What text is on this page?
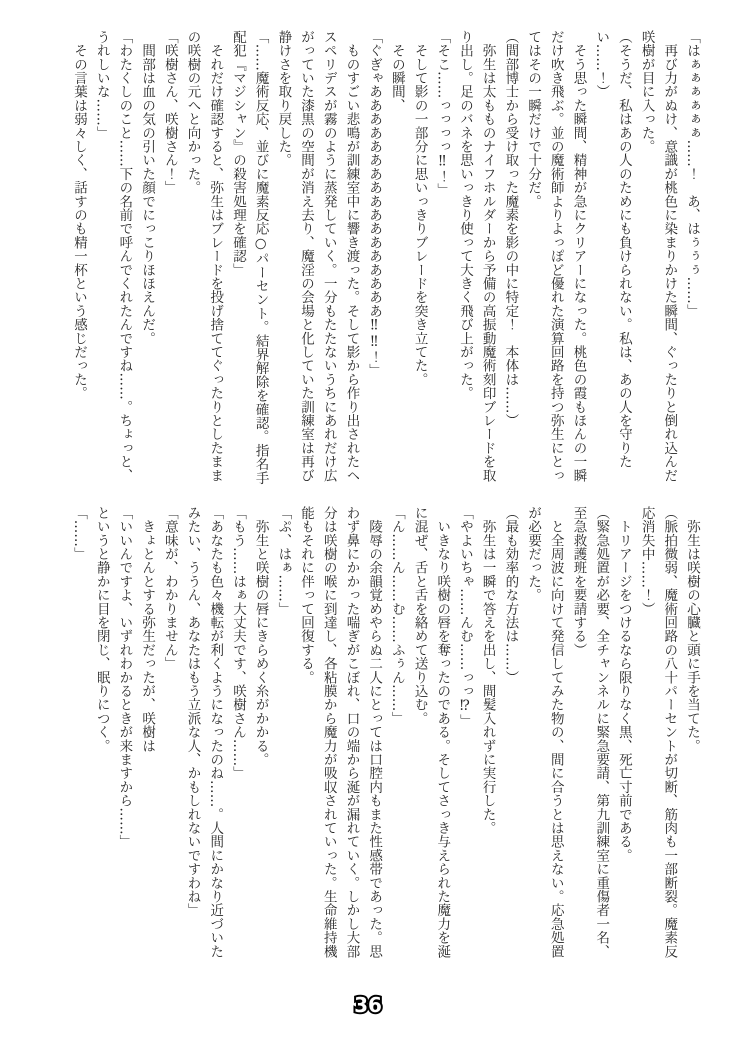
「はぁぁぁぁぁぁ……！　あ、はぅぅぅ……」

　再び力がぬけ、意識が桃色に染まりかけた瞬間、ぐったりと倒れ込んだ咲樹が目に入った。

（そうだ、私はあの人のためにも負けられない。私は、あの人を守りたい……！）

　そう思った瞬間、精神が急にクリアーになった。桃色の霞もほんの一瞬だけ吹き飛ぶ。並の魔術師よりよっぽど優れた演算回路を持つ弥生にとってはその一瞬だけで十分だ。

（間部博士から受け取った魔素を影の中に特定！　本体は……）

　弥生は太もものナイフホルダーから予備の高振動魔術刻印ブレードを取り出し。足のバネを思いっきり使って大きく飛び上がった。

「そこ……っっっっ‼！」

　そして影の一部分に思いっきりブレードを突き立てた。

　その瞬間、

「ぐぎゃあああああああああああああああああ‼‼！」

　ものすごい悲鳴が訓練室中に響き渡った。そして影から作り出されたヘスペリデスが霧のように蒸発していく。一分もたたないうちにあれだけ広がっていた漆黒の空間が消え去り、魔淫の会場と化していた訓練室は再び静けさを取り戻した。

「……魔術反応、並びに魔素反応○パーセント。結界解除を確認。指名手配犯『マジシャン』の殺害処理を確認」

　それだけ確認すると、弥生はブレードを投げ捨ててぐったりとしたままの咲樹の元へと向かった。

「咲樹さん、咲樹さん！」

　間部は血の気の引いた顔でにっこりほほえんだ。

「わたくしのこと……下の名前で呼んでくれたんですね……。ちょっと、うれしいな……」

　その言葉は弱々しく、話すのも精一杯という感じだった。

　弥生は咲樹の心臓と頭に手を当てた。

（脈拍微弱、魔術回路の八十パーセントが切断、筋肉も一部断裂。魔素反応消失中……！）

　トリアージをつけるなら限りなく黒、死亡寸前である。

（緊急処置が必要、全チャンネルに緊急要請、第九訓練室に重傷者一名、至急救護班を要請する）

　と全周波に向けて発信してみた物の、間に合うとは思えない。応急処置が必要だった。

（最も効率的な方法は……）

　弥生は一瞬で答えを出し、間髪入れずに実行した。

「やよいちゃ……んむ……っっ⁉」

　いきなり咲樹の唇を奪ったのである。そしてさっき与えられた魔力を涎に混ぜ、舌と舌を絡めて送り込む。

「ん……ん……む……ふぅん……」

　陵辱の余韻覚めやらぬ二人にとっては口腔内もまた性感帯であった。思わず鼻にかかった喘ぎがこぼれ、口の端から涎が漏れていく。しかし大部分は咲樹の喉に到達し、各粘膜から魔力が吸収されていった。生命維持機能もそれに伴って回復する。

「ぷ、はぁ……」

　弥生と咲樹の唇にきらめく糸がかかる。

「もう……はぁ大丈夫です、咲樹さん……」

「あなたも色々機転が利くようになったのね……。人間にかなり近づいたみたい、ううん、あなたはもう立派な人、かもしれないですわね」

「意味が、わかりません」

　きょとんとする弥生だったが、咲樹は

「いいんですよ、いずれわかるときが来ますから……」

というと静かに目を閉じ、眠りにつく。

「……」

36
